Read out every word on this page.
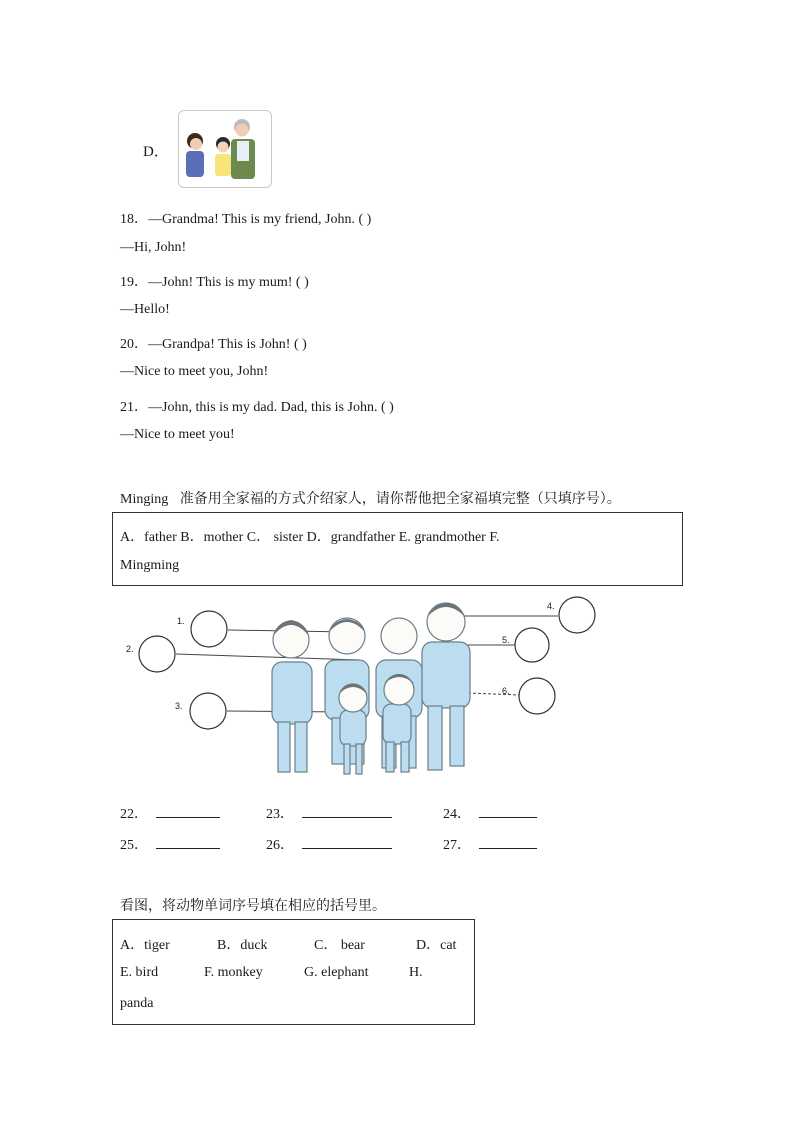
D．
18．—Grandma! This is my friend, John. ( )
—Hi, John!
19．—John! This is my mum! ( )
—Hello!
20．—Grandpa! This is John! ( )
—Nice to meet you, John!
21．—John, this is my dad. Dad, this is John. ( )
—Nice to meet you!
Minging 准备用全家福的方式介绍家人，请你帮他把全家福填完整（只填序号）。
A．father B．mother C． sister D．grandfather E. grandmother F.
Mingming
1.
2.
3.
4.
5.
6.
22．	23．	24．
25．	26．	27．
看图，将动物单词序号填在相应的括号里。
A．tiger	B．duck	C． bear	D．cat
E. bird	F. monkey	G. elephant	H.
panda
